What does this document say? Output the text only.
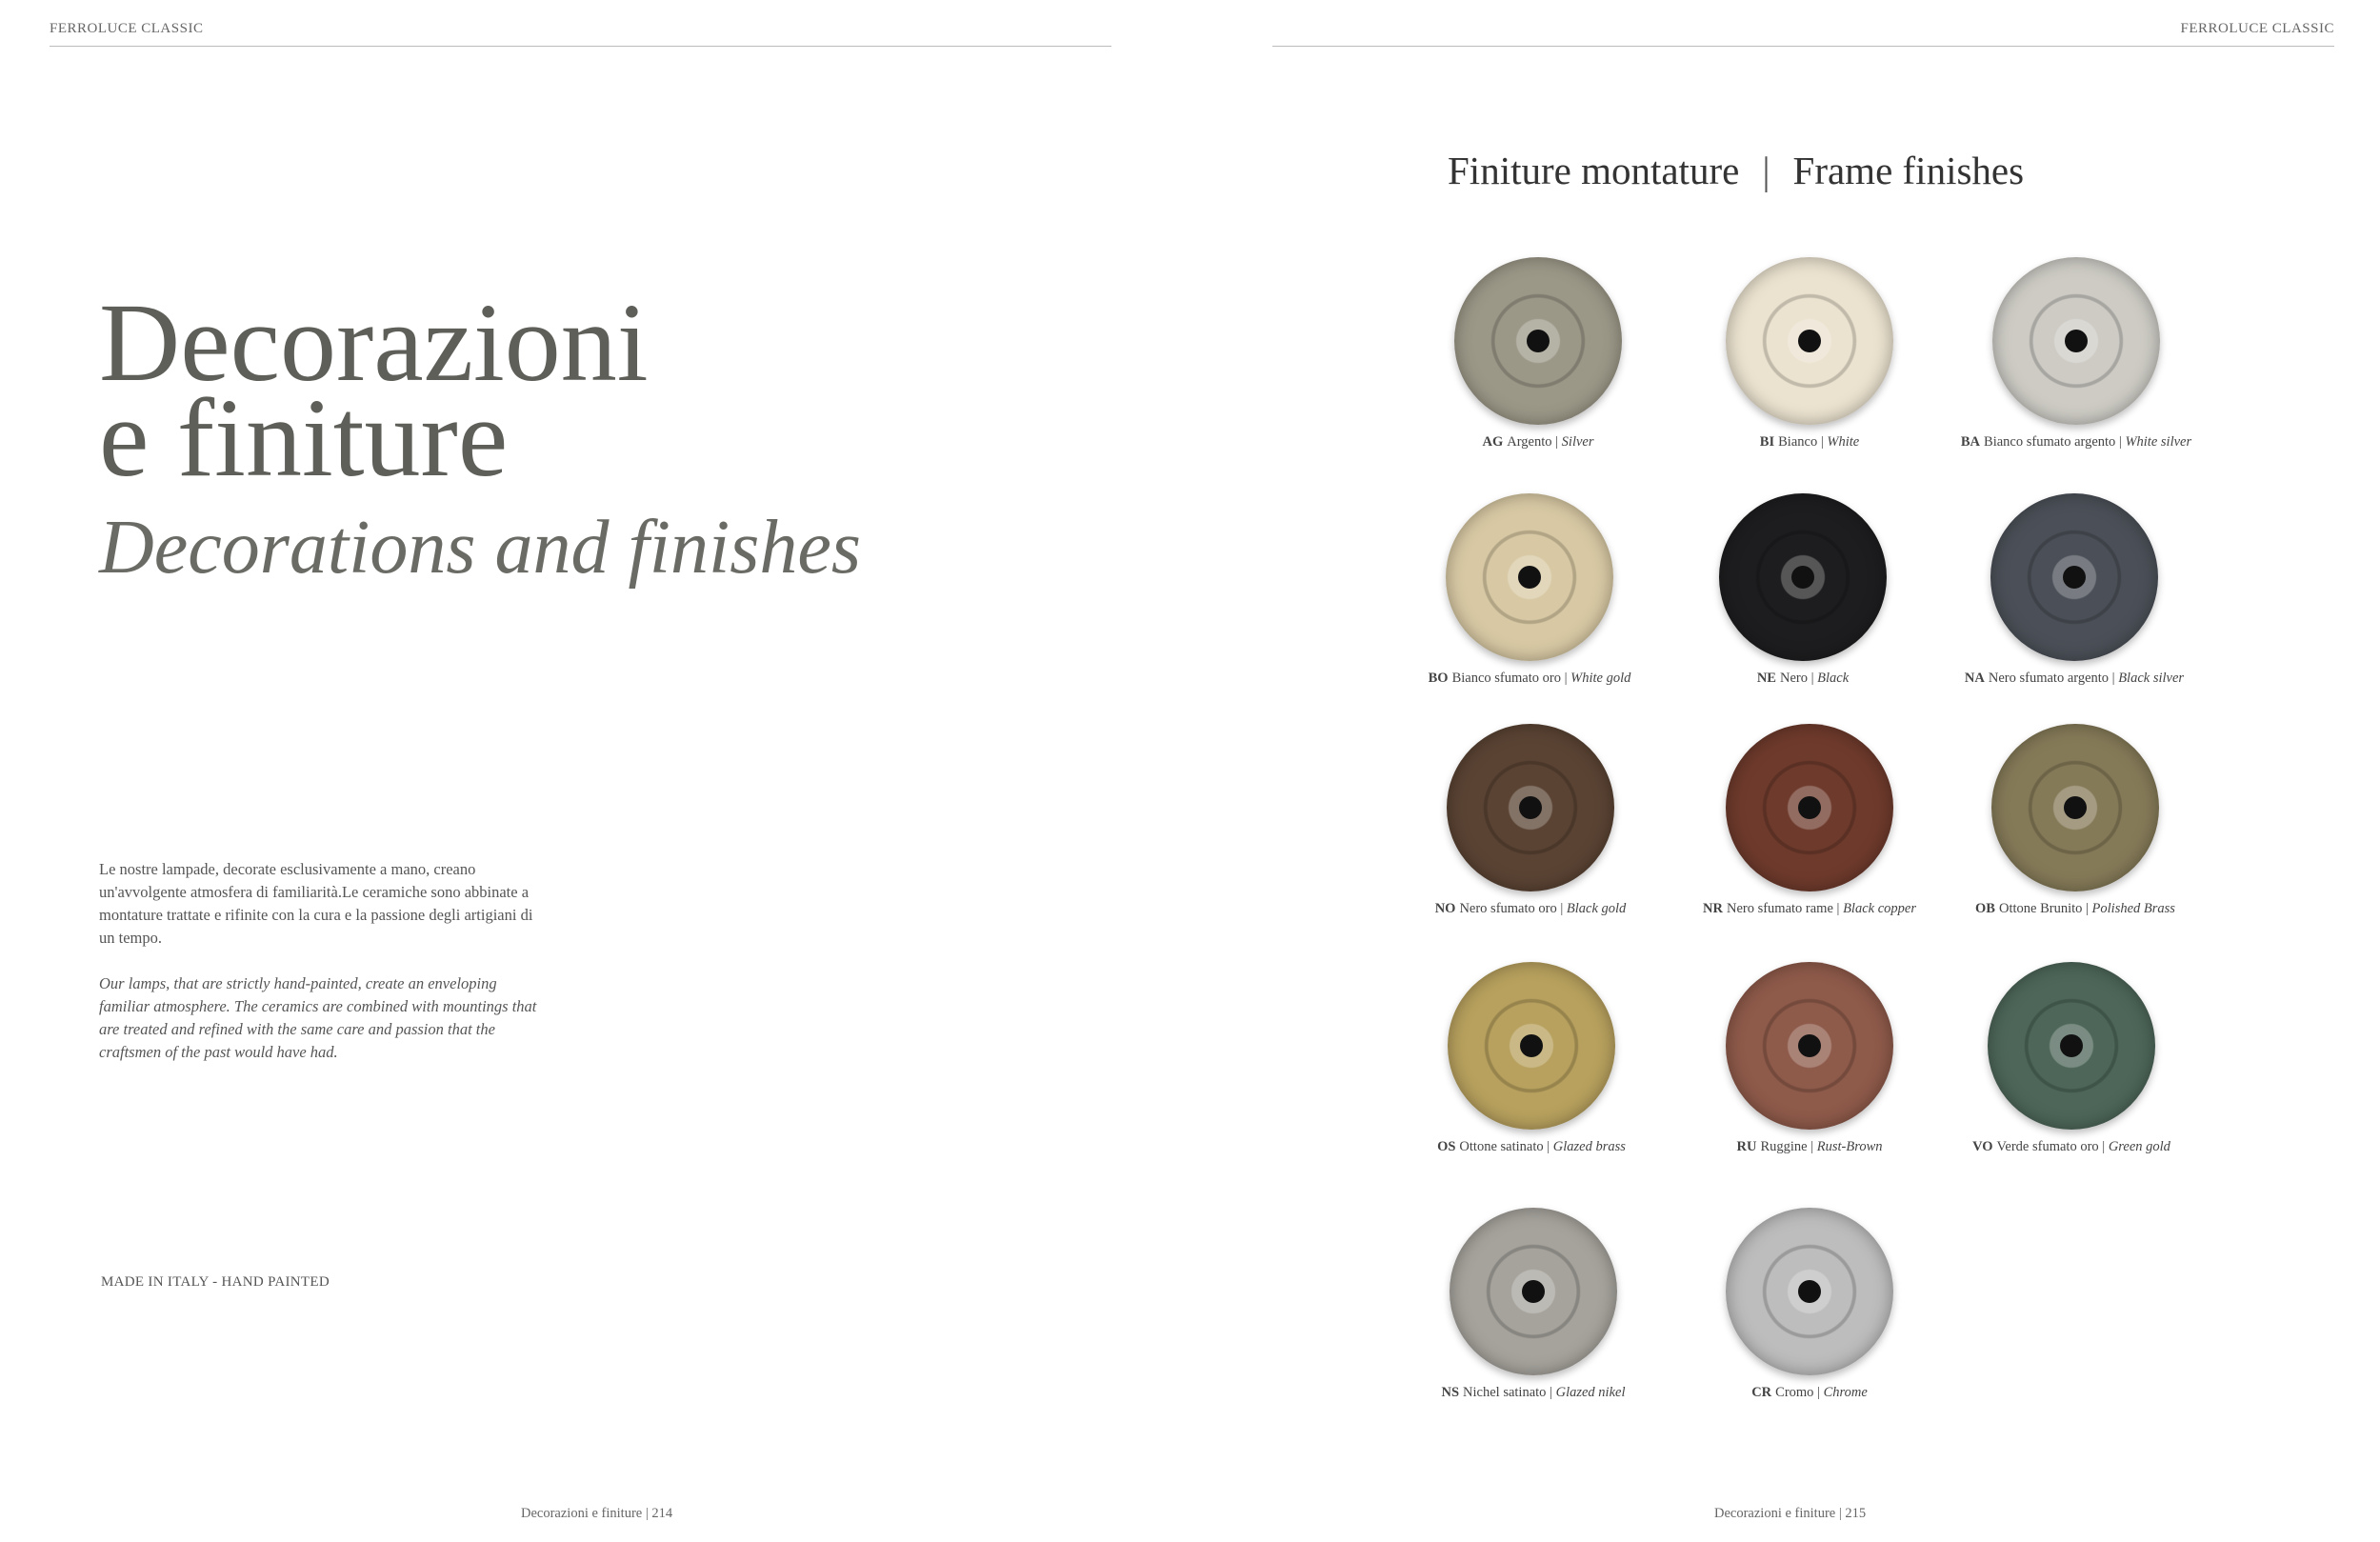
FERROLUCE CLASSIC
Decorazioni
e finiture
Decorations and finishes

Le nostre lampade, decorate esclusivamente a mano, creano un'avvolgente atmosfera di familiarità.Le ceramiche sono abbinate a montature trattate e rifinite con la cura e la passione degli artigiani di un tempo.

Our lamps, that are strictly hand-painted, create an enveloping familiar atmosphere. The ceramics are combined with mountings that are treated and refined with the same care and passion that the craftsmen of the past would have had.

MADE IN ITALY - HAND PAINTED
Decorazioni e finiture | 214
FERROLUCE CLASSIC
Finiture montature | Frame finishes
AG Argento | Silver	BI Bianco | White	BA Bianco sfumato argento | White silver
BO Bianco sfumato oro | White gold	NE Nero | Black	NA Nero sfumato argento | Black silver
NO Nero sfumato oro | Black gold	NR Nero sfumato rame | Black copper	OB Ottone Brunito | Polished Brass
OS Ottone satinato | Glazed brass	RU Ruggine | Rust-Brown	VO Verde sfumato oro | Green gold
NS Nichel satinato | Glazed nikel	CR Cromo | Chrome
Decorazioni e finiture | 215
